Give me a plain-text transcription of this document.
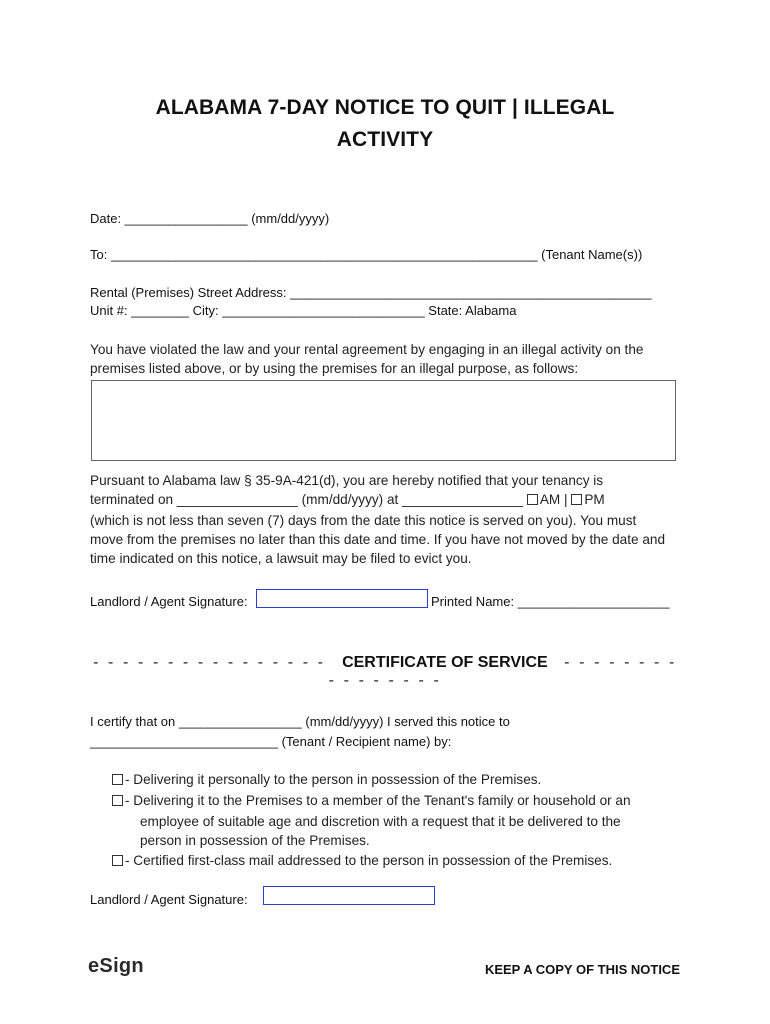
ALABAMA 7-DAY NOTICE TO QUIT | ILLEGAL
ACTIVITY
Date: _________________ (mm/dd/yyyy)
To: ___________________________________________________________ (Tenant Name(s))
Rental (Premises) Street Address: __________________________________________________
Unit #: ________ City: ____________________________ State: Alabama
You have violated the law and your rental agreement by engaging in an illegal activity on the
premises listed above, or by using the premises for an illegal purpose, as follows:
Pursuant to Alabama law § 35-9A-421(d), you are hereby notified that your tenancy is
terminated on ________________ (mm/dd/yyyy) at ________________ AM | PM
(which is not less than seven (7) days from the date this notice is served on you). You must
move from the premises no later than this date and time. If you have not moved by the date and
time indicated on this notice, a lawsuit may be filed to evict you.
Landlord / Agent Signature:	Printed Name: _____________________
- - - - - - - - - - - - - - - - CERTIFICATE OF SERVICE - - - - - - - - - - - - - - - -
I certify that on _________________ (mm/dd/yyyy) I served this notice to
__________________________ (Tenant / Recipient name) by:
- Delivering it personally to the person in possession of the Premises.
- Delivering it to the Premises to a member of the Tenant's family or household or an
employee of suitable age and discretion with a request that it be delivered to the
person in possession of the Premises.
- Certified first-class mail addressed to the person in possession of the Premises.
Landlord / Agent Signature:
eSign	KEEP A COPY OF THIS NOTICE
